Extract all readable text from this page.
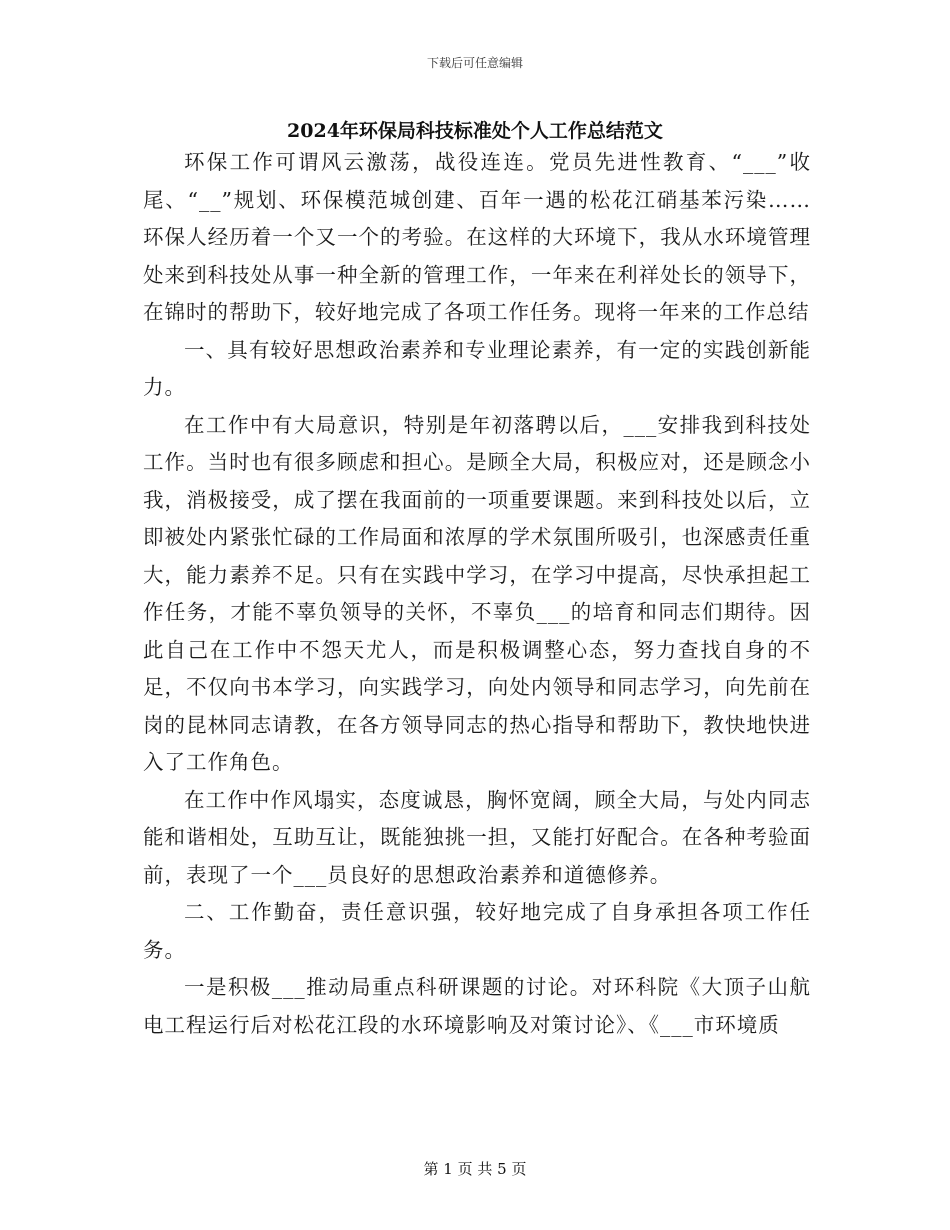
下载后可任意编辑
2024年环保局科技标准处个人工作总结范文

环保工作可谓风云激荡，战役连连。党员先进性教育、“___”收尾、“__”规划、环保模范城创建、百年一遇的松花江硝基苯污染……环保人经历着一个又一个的考验。在这样的大环境下，我从水环境管理处来到科技处从事一种全新的管理工作，一年来在利祥处长的领导下，在锦时的帮助下，较好地完成了各项工作任务。现将一年来的工作总结

一、具有较好思想政治素养和专业理论素养，有一定的实践创新能力。

在工作中有大局意识，特别是年初落聘以后，___安排我到科技处工作。当时也有很多顾虑和担心。是顾全大局，积极应对，还是顾念小我，消极接受，成了摆在我面前的一项重要课题。来到科技处以后，立即被处内紧张忙碌的工作局面和浓厚的学术氛围所吸引，也深感责任重大，能力素养不足。只有在实践中学习，在学习中提高，尽快承担起工作任务，才能不辜负领导的关怀，不辜负___的培育和同志们期待。因此自己在工作中不怨天尤人，而是积极调整心态，努力查找自身的不足，不仅向书本学习，向实践学习，向处内领导和同志学习，向先前在岗的昆林同志请教，在各方领导同志的热心指导和帮助下，教快地快进入了工作角色。

在工作中作风塌实，态度诚恳，胸怀宽阔，顾全大局，与处内同志能和谐相处，互助互让，既能独挑一担，又能打好配合。在各种考验面前，表现了一个___员良好的思想政治素养和道德修养。

二、工作勤奋，责任意识强，较好地完成了自身承担各项工作任务。

一是积极___推动局重点科研课题的讨论。对环科院《大顶子山航电工程运行后对松花江段的水环境影响及对策讨论》、《___市环境质

第 1 页 共 5 页
